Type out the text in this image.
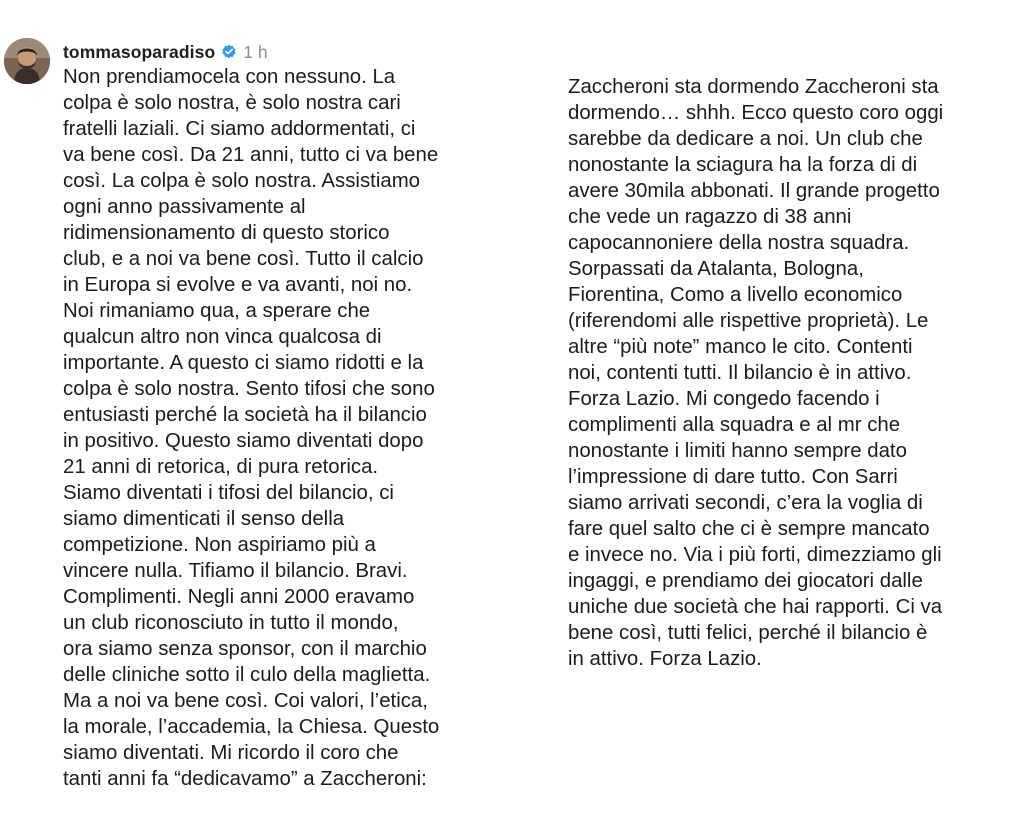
tommasoparadiso 1 h
Non prendiamocela con nessuno. La
colpa è solo nostra, è solo nostra cari
fratelli laziali. Ci siamo addormentati, ci
va bene così. Da 21 anni, tutto ci va bene
così. La colpa è solo nostra. Assistiamo
ogni anno passivamente al
ridimensionamento di questo storico
club, e a noi va bene così. Tutto il calcio
in Europa si evolve e va avanti, noi no.
Noi rimaniamo qua, a sperare che
qualcun altro non vinca qualcosa di
importante. A questo ci siamo ridotti e la
colpa è solo nostra. Sento tifosi che sono
entusiasti perché la società ha il bilancio
in positivo. Questo siamo diventati dopo
21 anni di retorica, di pura retorica.
Siamo diventati i tifosi del bilancio, ci
siamo dimenticati il senso della
competizione. Non aspiriamo più a
vincere nulla. Tifiamo il bilancio. Bravi.
Complimenti. Negli anni 2000 eravamo
un club riconosciuto in tutto il mondo,
ora siamo senza sponsor, con il marchio
delle cliniche sotto il culo della maglietta.
Ma a noi va bene così. Coi valori, l’etica,
la morale, l’accademia, la Chiesa. Questo
siamo diventati. Mi ricordo il coro che
tanti anni fa “dedicavamo” a Zaccheroni:
Zaccheroni sta dormendo Zaccheroni sta
dormendo… shhh. Ecco questo coro oggi
sarebbe da dedicare a noi. Un club che
nonostante la sciagura ha la forza di di
avere 30mila abbonati. Il grande progetto
che vede un ragazzo di 38 anni
capocannoniere della nostra squadra.
Sorpassati da Atalanta, Bologna,
Fiorentina, Como a livello economico
(riferendomi alle rispettive proprietà). Le
altre “più note” manco le cito. Contenti
noi, contenti tutti. Il bilancio è in attivo.
Forza Lazio. Mi congedo facendo i
complimenti alla squadra e al mr che
nonostante i limiti hanno sempre dato
l’impressione di dare tutto. Con Sarri
siamo arrivati secondi, c’era la voglia di
fare quel salto che ci è sempre mancato
e invece no. Via i più forti, dimezziamo gli
ingaggi, e prendiamo dei giocatori dalle
uniche due società che hai rapporti. Ci va
bene così, tutti felici, perché il bilancio è
in attivo. Forza Lazio.
